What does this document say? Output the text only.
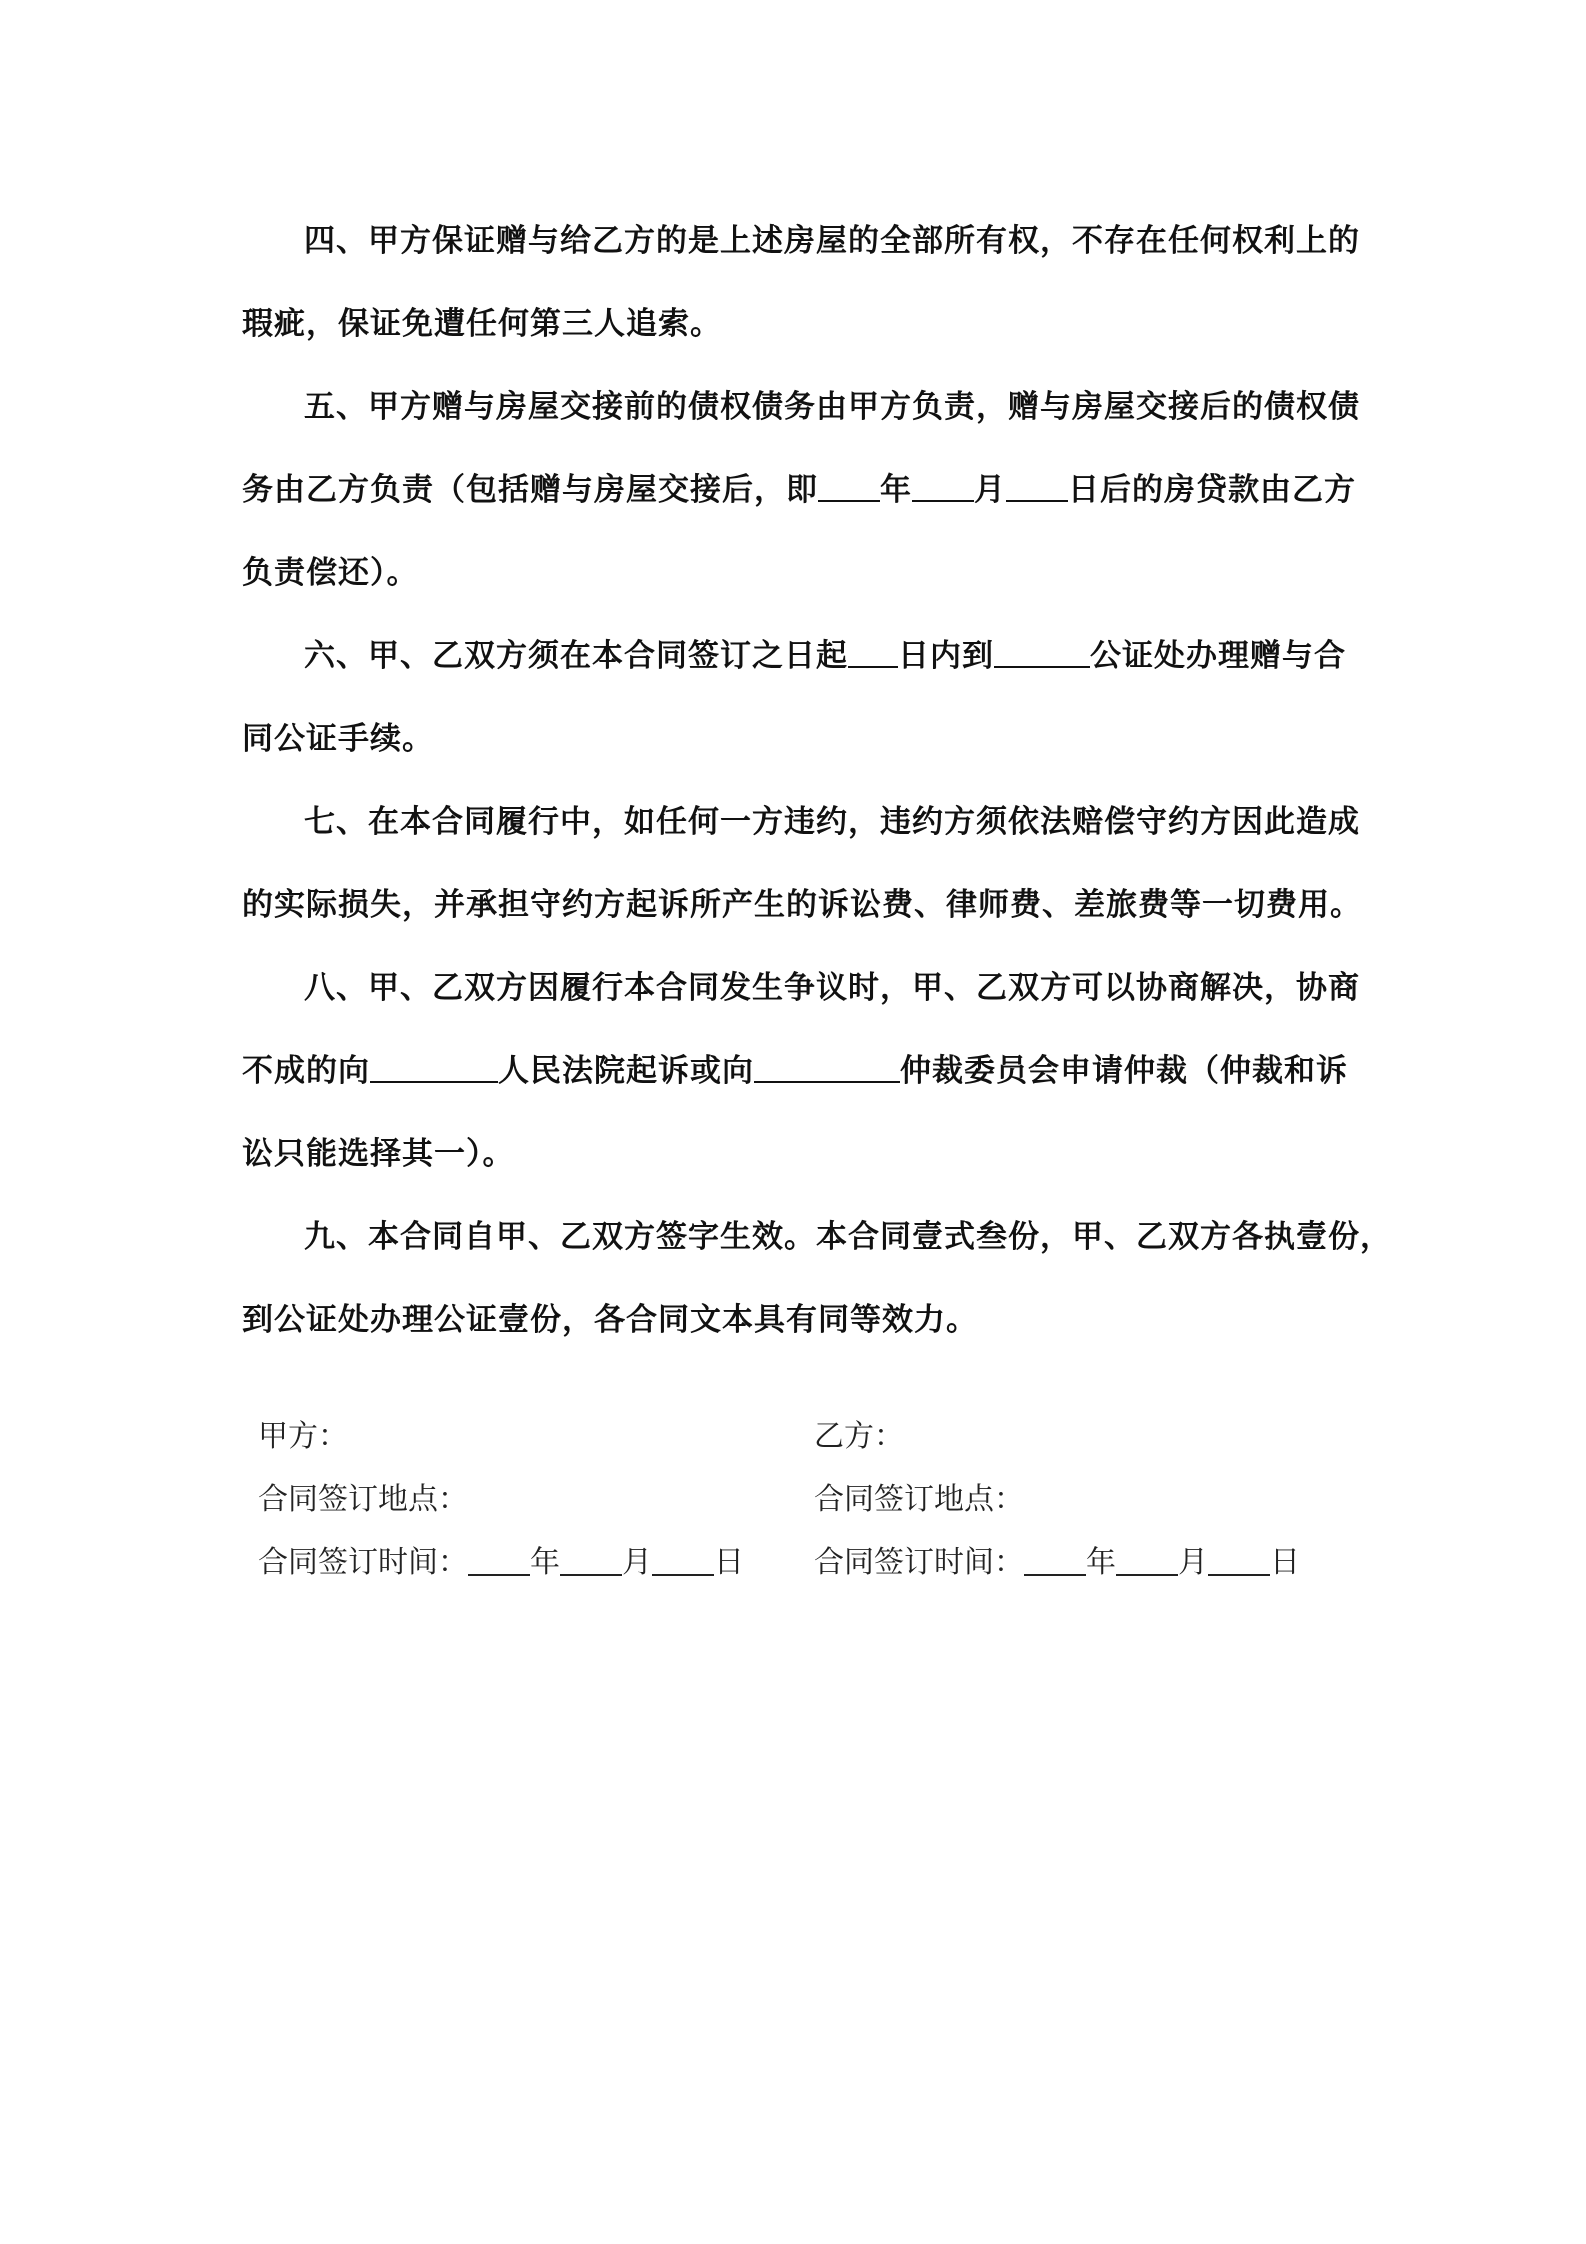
四、甲方保证赠与给乙方的是上述房屋的全部所有权，不存在任何权利上的

瑕疵，保证免遭任何第三人追索。

五、甲方赠与房屋交接前的债权债务由甲方负责，赠与房屋交接后的债权债

务由乙方负责（包括赠与房屋交接后，即 年 月 日后的房贷款由乙方

负责偿还）。

六、甲、乙双方须在本合同签订之日起 日内到	公证处办理赠与合

同公证手续。

七、在本合同履行中，如任何一方违约，违约方须依法赔偿守约方因此造成

的实际损失，并承担守约方起诉所产生的诉讼费、律师费、差旅费等一切费用。

八、甲、乙双方因履行本合同发生争议时，甲、乙双方可以协商解决，协商

不成的向	人民法院起诉或向	仲裁委员会申请仲裁（仲裁和诉

讼只能选择其一）。

九、本合同自甲、乙双方签字生效。本合同壹式叁份，甲、乙双方各执壹份，

到公证处办理公证壹份，各合同文本具有同等效力。

甲方：
合同签订地点：
合同签订时间： 年 月 日
乙方：
合同签订地点：
合同签订时间： 年 月 日
